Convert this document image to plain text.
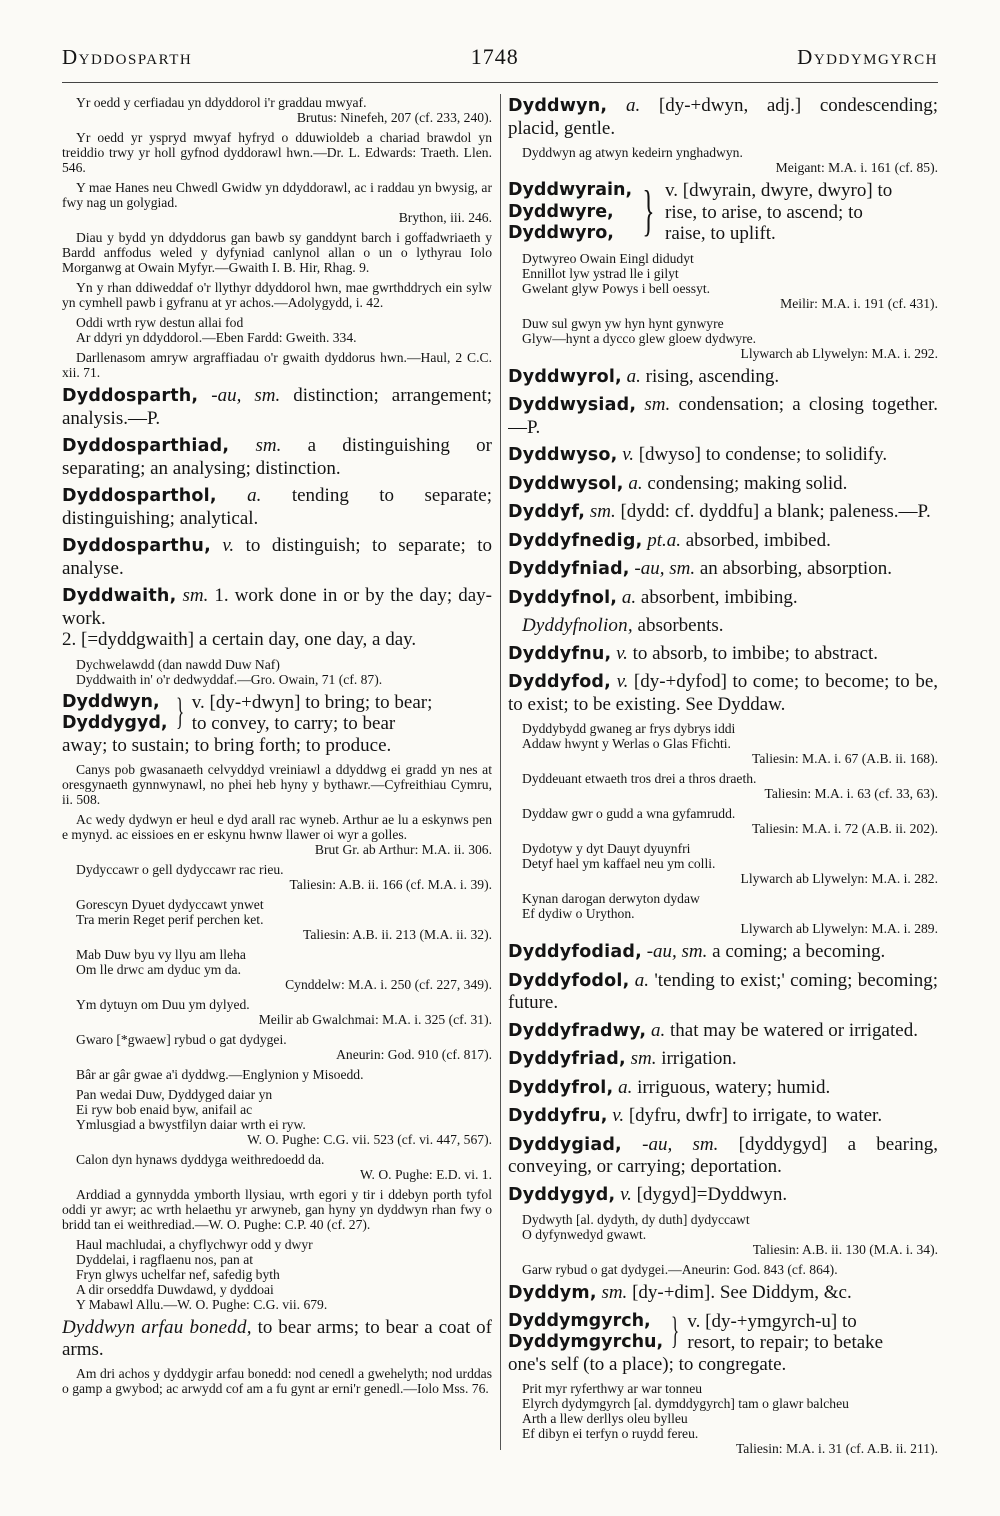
Dyddosparth	1748	Dyddymgyrch

Yr oedd y cerfiadau yn ddyddorol i'r graddau mwyaf.
Brutus: Ninefeh, 207 (cf. 233, 240).

Yr oedd yr yspryd mwyaf hyfryd o dduwioldeb a chariad brawdol yn treiddio trwy yr holl gyfnod dyddorawl hwn.—Dr. L. Edwards: Traeth. Llen. 546.

Y mae Hanes neu Chwedl Gwidw yn ddyddorawl, ac i raddau yn bwysig, ar fwy nag un golygiad.
Brython, iii. 246.

Diau y bydd yn ddyddorus gan bawb sy ganddynt barch i goffadwriaeth y Bardd anffodus weled y dyfyniad canlynol allan o un o lythyrau Iolo Morganwg at Owain Myfyr.—Gwaith I. B. Hir, Rhag. 9.

Yn y rhan ddiweddaf o'r llythyr ddyddorol hwn, mae gwrthddrych ein sylw yn cymhell pawb i gyfranu at yr achos.—Adolygydd, i. 42.

Oddi wrth ryw destun allai fod
Ar ddyri yn ddyddorol.—Eben Fardd: Gweith. 334.

Darllenasom amryw argraffiadau o'r gwaith dyddorus hwn.—Haul, 2 C.C. xii. 71.

Dyddosparth, -au, sm. distinction; arrangement; analysis.—P.

Dyddosparthiad, sm. a distinguishing or separating; an analysing; distinction.

Dyddosparthol, a. tending to separate; distinguishing; analytical.

Dyddosparthu, v. to distinguish; to separate; to analyse.

Dyddwaith, sm. 1. work done in or by the day; day-work.

2. [=dyddgwaith] a certain day, one day, a day.

Dychwelawdd (dan nawdd Duw Naf)
Dyddwaith in' o'r dedwyddaf.—Gro. Owain, 71 (cf. 87).
Dyddwyn,
Dyddygyd, } v. [dy-+dwyn] to bring; to bear;
to convey, to carry; to bear

away; to sustain; to bring forth; to produce.

Canys pob gwasanaeth celvyddyd vreiniawl a ddyddwg ei gradd yn nes at oresgynaeth gynnwynawl, no phei heb hyny y bythawr.—Cyfreithiau Cymru, ii. 508.

Ac wedy dydwyn er heul e dyd arall rac wyneb. Arthur ae lu a eskynws pen e mynyd. ac eissioes en er eskynu hwnw llawer oi wyr a golles.
Brut Gr. ab Arthur: M.A. ii. 306.

Dydyccawr o gell dydyccawr rac rieu.
Taliesin: A.B. ii. 166 (cf. M.A. i. 39).
Gorescyn Dyuet dydyccawt ynwet
Tra merin Reget perif perchen ket.
Taliesin: A.B. ii. 213 (M.A. ii. 32).
Mab Duw byu vy llyu am lleha
Om lle drwc am dyduc ym da.
Cynddelw: M.A. i. 250 (cf. 227, 349).
Ym dytuyn om Duu ym dylyed.
Meilir ab Gwalchmai: M.A. i. 325 (cf. 31).
Gwaro [*gwaew] rybud o gat dydygei.
Aneurin: God. 910 (cf. 817).
Bâr ar gâr gwae a'i dyddwg.—Englynion y Misoedd.
Pan wedai Duw, Dyddyged daiar yn
Ei ryw bob enaid byw, anifail ac
Ymlusgiad a bwystfilyn daiar wrth ei ryw.
W. O. Pughe: C.G. vii. 523 (cf. vi. 447, 567).
Calon dyn hynaws dyddyga weithredoedd da.
W. O. Pughe: E.D. vi. 1.

Arddiad a gynnydda ymborth llysiau, wrth egori y tir i ddebyn porth tyfol oddi yr awyr; ac wrth helaethu yr arwyneb, gan hyny yn dyddwyn rhan fwy o bridd tan ei weithrediad.—W. O. Pughe: C.P. 40 (cf. 27).

Haul machludai, a chyflychwyr odd y dwyr
Dyddelai, i ragflaenu nos, pan at
Fryn glwys uchelfar nef, safedig byth
A dir orseddfa Duwdawd, y dyddoai
Y Mabawl Allu.—W. O. Pughe: C.G. vii. 679.

Dyddwyn arfau bonedd, to bear arms; to bear a coat of arms.

Am dri achos y dyddygir arfau bonedd: nod cenedl a gwehelyth; nod urddas o gamp a gwybod; ac arwydd cof am a fu gynt ar erni'r genedl.—Iolo Mss. 76.

Dyddwyn, a. [dy-+dwyn, adj.] condescending; placid, gentle.

Dyddwyn ag atwyn kedeirn ynghadwyn.
Meigant: M.A. i. 161 (cf. 85).
Dyddwyrain,
Dyddwyre,
Dyddwyro, } v. [dwyrain, dwyre, dwyro] to
rise, to arise, to ascend; to
raise, to uplift.
Dytwyreo Owain Eingl didudyt
Ennillot lyw ystrad lle i gilyt
Gwelant glyw Powys i bell oessyt.
Meilir: M.A. i. 191 (cf. 431).
Duw sul gwyn yw hyn hynt gynwyre
Glyw—hynt a dycco glew gloew dydwyre.
Llywarch ab Llywelyn: M.A. i. 292.

Dyddwyrol, a. rising, ascending.

Dyddwysiad, sm. condensation; a closing together.—P.

Dyddwyso, v. [dwyso] to condense; to solidify.

Dyddwysol, a. condensing; making solid.

Dyddyf, sm. [dydd: cf. dyddfu] a blank; paleness.—P.

Dyddyfnedig, pt.a. absorbed, imbibed.

Dyddyfniad, -au, sm. an absorbing, absorption.

Dyddyfnol, a. absorbent, imbibing.

Dyddyfnolion, absorbents.

Dyddyfnu, v. to absorb, to imbibe; to abstract.

Dyddyfod, v. [dy-+dyfod] to come; to become; to be, to exist; to be existing. See Dyddaw.

Dyddybydd gwaneg ar frys dybrys iddi
Addaw hwynt y Werlas o Glas Ffichti.
Taliesin: M.A. i. 67 (A.B. ii. 168).
Dyddeuant etwaeth tros drei a thros draeth.
Taliesin: M.A. i. 63 (cf. 33, 63).
Dyddaw gwr o gudd a wna gyfamrudd.
Taliesin: M.A. i. 72 (A.B. ii. 202).
Dydotyw y dyt Dauyt dyuynfri
Detyf hael ym kaffael neu ym colli.
Llywarch ab Llywelyn: M.A. i. 282.
Kynan darogan derwyton dydaw
Ef dydiw o Urython.
Llywarch ab Llywelyn: M.A. i. 289.

Dyddyfodiad, -au, sm. a coming; a becoming.

Dyddyfodol, a. 'tending to exist;' coming; becoming; future.

Dyddyfradwy, a. that may be watered or irrigated.

Dyddyfriad, sm. irrigation.

Dyddyfrol, a. irriguous, watery; humid.

Dyddyfru, v. [dyfru, dwfr] to irrigate, to water.

Dyddygiad, -au, sm. [dyddygyd] a bearing, conveying, or carrying; deportation.

Dyddygyd, v. [dygyd]=Dyddwyn.

Dydwyth [al. dydyth, dy duth] dydyccawt
O dyfynwedyd gwawt.
Taliesin: A.B. ii. 130 (M.A. i. 34).
Garw rybud o gat dydygei.—Aneurin: God. 843 (cf. 864).

Dyddym, sm. [dy-+dim]. See Diddym, &c.

Dyddymgyrch,
Dyddymgyrchu, } v. [dy-+ymgyrch-u] to
resort, to repair; to betake

one's self (to a place); to congregate.

Prit myr ryferthwy ar war tonneu
Elyrch dydymgyrch [al. dymddygyrch] tam o glawr balcheu
Arth a llew derllys oleu bylleu
Ef dibyn ei terfyn o ruydd fereu.
Taliesin: M.A. i. 31 (cf. A.B. ii. 211).
